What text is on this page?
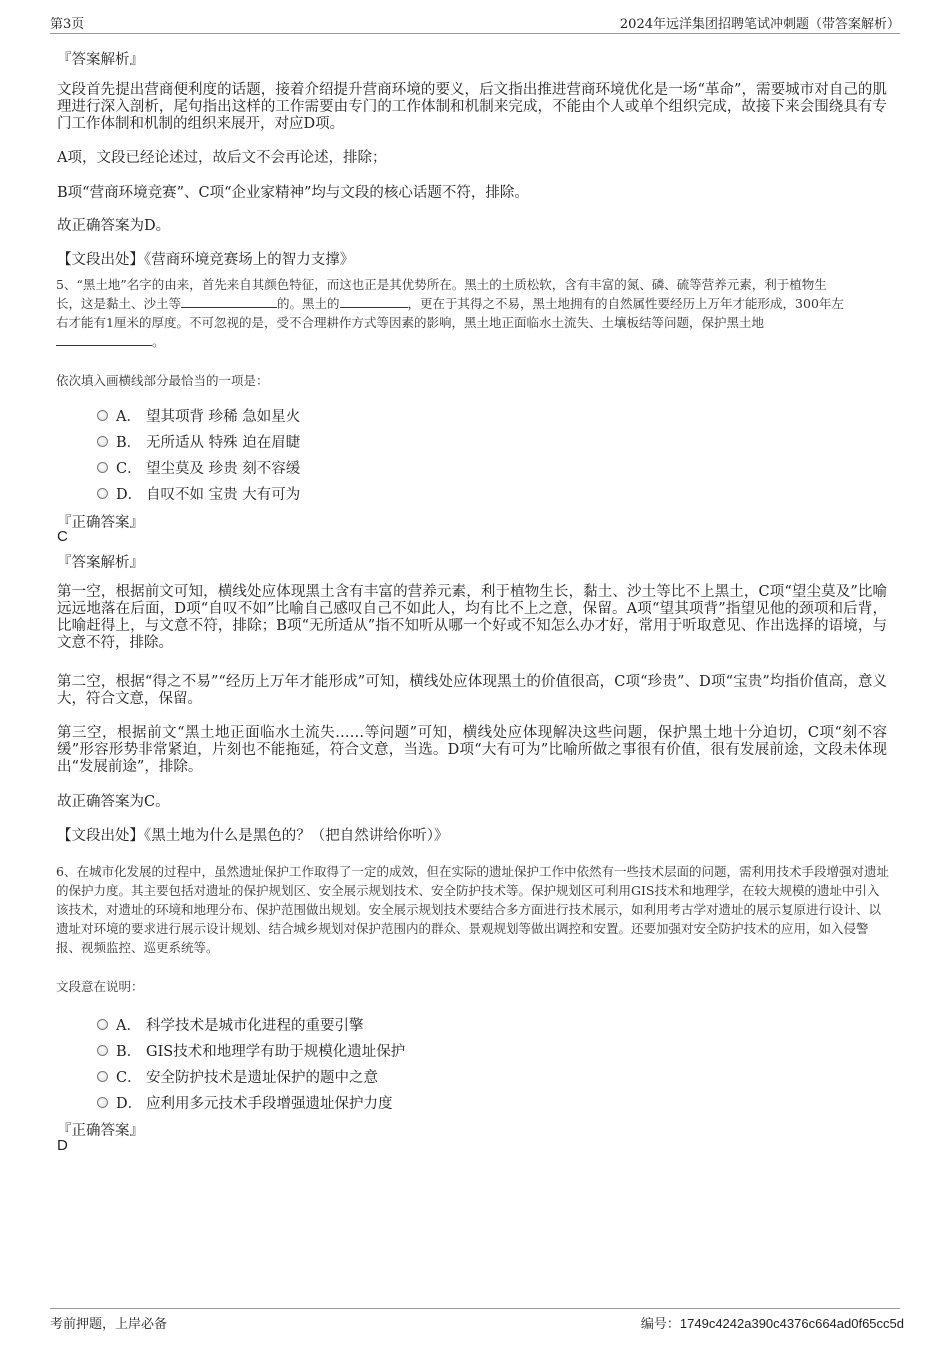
第3页	2024年远洋集团招聘笔试冲刺题（带答案解析）
『答案解析』
文段首先提出营商便利度的话题，接着介绍提升营商环境的要义，后文指出推进营商环境优化是一场“革命”，需要城市对自己的肌理进行深入剖析，尾句指出这样的工作需要由专门的工作体制和机制来完成，不能由个人或单个组织完成，故接下来会围绕具有专门工作体制和机制的组织来展开，对应D项。
A项，文段已经论述过，故后文不会再论述，排除；
B项“营商环境竞赛”、C项“企业家精神”均与文段的核心话题不符，排除。
故正确答案为D。
【文段出处】《营商环境竞赛场上的智力支撑》
5、“黑土地”名字的由来，首先来自其颜色特征，而这也正是其优势所在。黑土的土质松软，含有丰富的氮、磷、硫等营养元素，利于植物生
长，这是黏土、沙土等	的。黑土的	，更在于其得之不易，黑土地拥有的自然属性要经历上万年才能形成，300年左
右才能有1厘米的厚度。不可忽视的是，受不合理耕作方式等因素的影响，黑土地正面临水土流失、土壤板结等问题，保护黑土地
。
依次填入画横线部分最恰当的一项是：
A． 望其项背 珍稀 急如星火
B． 无所适从 特殊 迫在眉睫
C． 望尘莫及 珍贵 刻不容缓
D． 自叹不如 宝贵 大有可为
『正确答案』
C
『答案解析』
第一空，根据前文可知，横线处应体现黑土含有丰富的营养元素，利于植物生长，黏土、沙土等比不上黑土，C项“望尘莫及”比喻远远地落在后面，D项“自叹不如”比喻自己感叹自己不如此人，均有比不上之意，保留。A项“望其项背”指望见他的颈项和后背，比喻赶得上，与文意不符，排除；B项“无所适从”指不知听从哪一个好或不知怎么办才好，常用于听取意见、作出选择的语境，与文意不符，排除。
第二空，根据“得之不易”“经历上万年才能形成”可知，横线处应体现黑土的价值很高，C项“珍贵”、D项“宝贵”均指价值高，意义大，符合文意，保留。
第三空，根据前文“黑土地正面临水土流失……等问题”可知，横线处应体现解决这些问题，保护黑土地十分迫切，C项“刻不容缓”形容形势非常紧迫，片刻也不能拖延，符合文意，当选。D项“大有可为”比喻所做之事很有价值，很有发展前途，文段未体现出“发展前途”，排除。
故正确答案为C。
【文段出处】《黑土地为什么是黑色的？（把自然讲给你听）》
6、在城市化发展的过程中，虽然遗址保护工作取得了一定的成效，但在实际的遗址保护工作中依然有一些技术层面的问题，需利用技术手段增强对遗址的保护力度。其主要包括对遗址的保护规划区、安全展示规划技术、安全防护技术等。保护规划区可利用GIS技术和地理学，在较大规模的遗址中引入该技术，对遗址的环境和地理分布、保护范围做出规划。安全展示规划技术要结合多方面进行技术展示，如利用考古学对遗址的展示复原进行设计、以遗址对环境的要求进行展示设计规划、结合城乡规划对保护范围内的群众、景观规划等做出调控和安置。还要加强对安全防护技术的应用，如入侵警报、视频监控、巡更系统等。
文段意在说明：
A． 科学技术是城市化进程的重要引擎
B． GIS技术和地理学有助于规模化遗址保护
C． 安全防护技术是遗址保护的题中之意
D． 应利用多元技术手段增强遗址保护力度
『正确答案』
D
考前押题，上岸必备	编号：1749c4242a390c4376c664ad0f65cc5d
